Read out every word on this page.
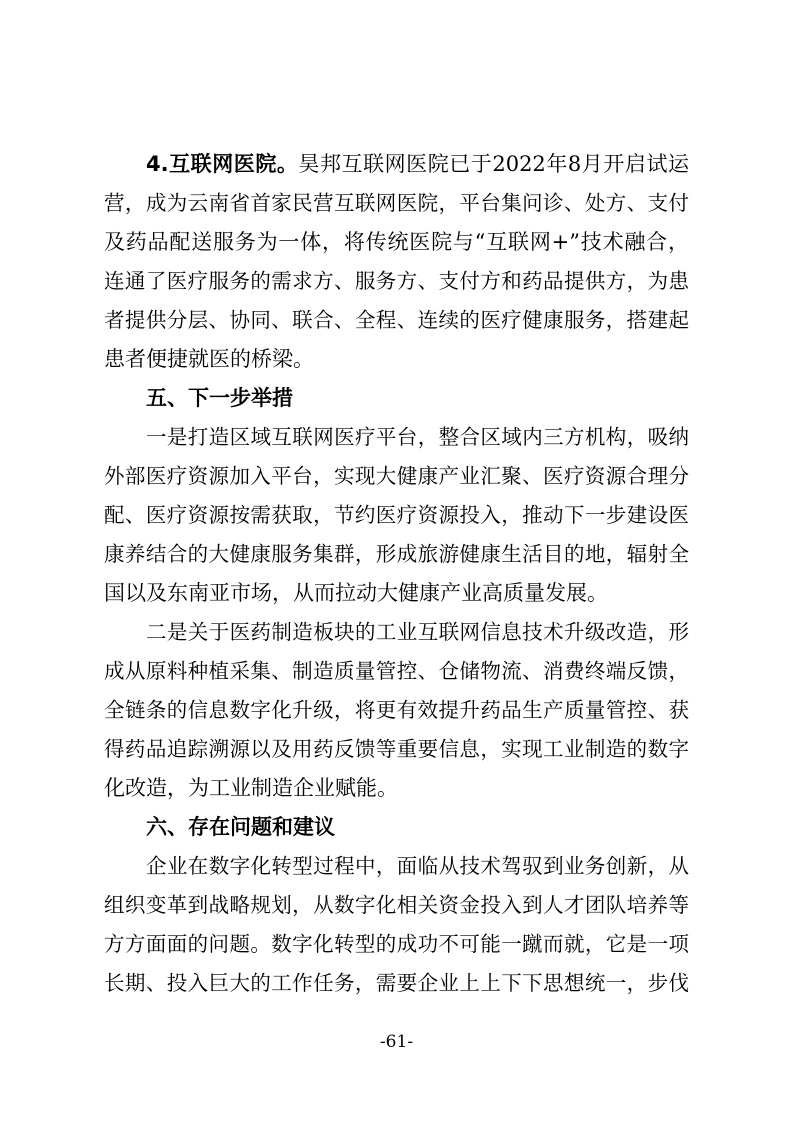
4.互联网医院。昊邦互联网医院已于2022年8月开启试运
营，成为云南省首家民营互联网医院，平台集问诊、处方、支付
及药品配送服务为一体，将传统医院与“互联网+”技术融合，
连通了医疗服务的需求方、服务方、支付方和药品提供方，为患
者提供分层、协同、联合、全程、连续的医疗健康服务，搭建起
患者便捷就医的桥梁。
五、下一步举措
一是打造区域互联网医疗平台，整合区域内三方机构，吸纳
外部医疗资源加入平台，实现大健康产业汇聚、医疗资源合理分
配、医疗资源按需获取，节约医疗资源投入，推动下一步建设医
康养结合的大健康服务集群，形成旅游健康生活目的地，辐射全
国以及东南亚市场，从而拉动大健康产业高质量发展。
二是关于医药制造板块的工业互联网信息技术升级改造，形
成从原料种植采集、制造质量管控、仓储物流、消费终端反馈，
全链条的信息数字化升级，将更有效提升药品生产质量管控、获
得药品追踪溯源以及用药反馈等重要信息，实现工业制造的数字
化改造，为工业制造企业赋能。
六、存在问题和建议
企业在数字化转型过程中，面临从技术驾驭到业务创新，从
组织变革到战略规划，从数字化相关资金投入到人才团队培养等
方方面面的问题。数字化转型的成功不可能一蹴而就，它是一项
长期、投入巨大的工作任务，需要企业上上下下思想统一，步伐
-61-
